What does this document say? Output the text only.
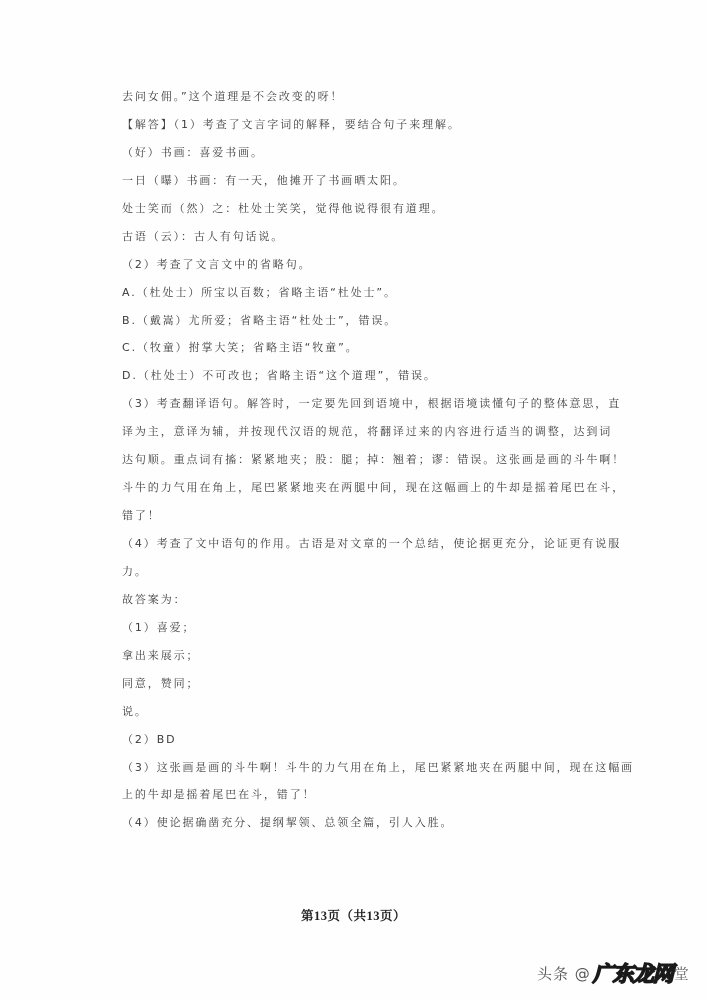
去问女佣。”这个道理是不会改变的呀！
【解答】（1）考查了文言字词的解释，要结合句子来理解。
（好）书画：喜爱书画。
一日（曝）书画：有一天，他摊开了书画晒太阳。
处士笑而（然）之：杜处士笑笑，觉得他说得很有道理。
古语（云）：古人有句话说。
（2）考查了文言文中的省略句。
A.（杜处士）所宝以百数；省略主语“杜处士”。
B.（戴嵩）尤所爱；省略主语“杜处士”，错误。
C.（牧童）拊掌大笑；省略主语“牧童”。
D.（杜处士）不可改也；省略主语“这个道理”，错误。
（3）考查翻译语句。解答时，一定要先回到语境中，根据语境读懂句子的整体意思，直
译为主，意译为辅，并按现代汉语的规范，将翻译过来的内容进行适当的调整，达到词
达句顺。重点词有搐：紧紧地夹；股：腿；掉：翘着；谬：错误。这张画是画的斗牛啊！
斗牛的力气用在角上，尾巴紧紧地夹在两腿中间，现在这幅画上的牛却是摇着尾巴在斗，
错了！
（4）考查了文中语句的作用。古语是对文章的一个总结，使论据更充分，论证更有说服
力。
故答案为：
（1）喜爱；
拿出来展示；
同意，赞同；
说。
（2）BD
（3）这张画是画的斗牛啊！斗牛的力气用在角上，尾巴紧紧地夹在两腿中间，现在这幅画
上的牛却是摇着尾巴在斗，错了！
（4）使论据确凿充分、提纲挈领、总领全篇，引人入胜。
第13页（共13页）
头条 @ 广东龙网 堂
